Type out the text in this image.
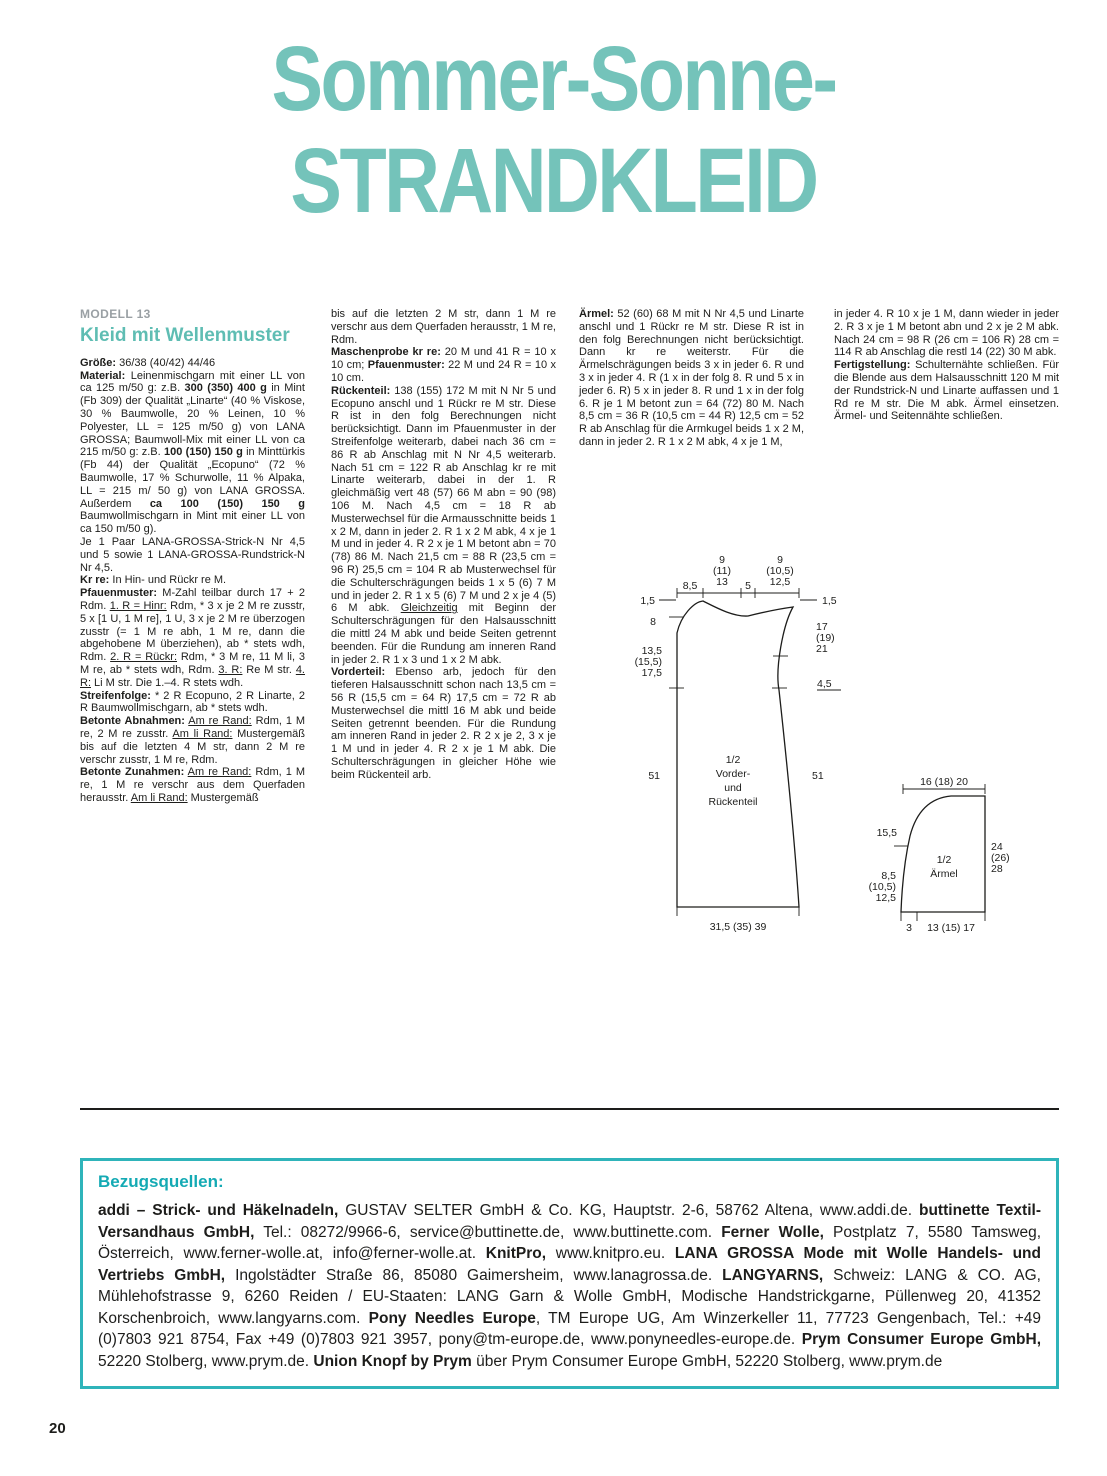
Sommer-Sonne-
STRANDKLEID
MODELL 13
Kleid mit Wellenmuster

Größe: 36/38 (40/42) 44/46

Material: Leinenmischgarn mit einer LL von ca 125 m/50 g: z.B. 300 (350) 400 g in Mint (Fb 309) der Qualität „Linarte“ (40 % Viskose, 30 % Baumwolle, 20 % Leinen, 10 % Polyester, LL = 125 m/50 g) von LANA GROSSA; Baumwoll-Mix mit einer LL von ca 215 m/50 g: z.B. 100 (150) 150 g in Minttürkis (Fb 44) der Qualität „Ecopuno“ (72 % Baumwolle, 17 % Schurwolle, 11 % Alpaka, LL = 215 m/ 50 g) von LANA GROSSA. Außerdem ca 100 (150) 150 g Baumwollmischgarn in Mint mit einer LL von ca 150 m/50 g).

Je 1 Paar LANA-GROSSA-Strick-N Nr 4,5 und 5 sowie 1 LANA-GROSSA-Rundstrick-N Nr 4,5.

Kr re: In Hin- und Rückr re M.

Pfauenmuster: M-Zahl teilbar durch 17 + 2 Rdm. 1. R = Hinr: Rdm, * 3 x je 2 M re zusstr, 5 x [1 U, 1 M re], 1 U, 3 x je 2 M re überzogen zusstr (= 1 M re abh, 1 M re, dann die abgehobene M überziehen), ab * stets wdh, Rdm. 2. R = Rückr: Rdm, * 3 M re, 11 M li, 3 M re, ab * stets wdh, Rdm. 3. R: Re M str. 4. R: Li M str. Die 1.–4. R stets wdh.

Streifenfolge: * 2 R Ecopuno, 2 R Linarte, 2 R Baumwollmischgarn, ab * stets wdh.

Betonte Abnahmen: Am re Rand: Rdm, 1 M re, 2 M re zusstr. Am li Rand: Mustergemäß bis auf die letzten 4 M str, dann 2 M re verschr zusstr, 1 M re, Rdm.

Betonte Zunahmen: Am re Rand: Rdm, 1 M re, 1 M re verschr aus dem Querfaden herausstr. Am li Rand: Mustergemäß

bis auf die letzten 2 M str, dann 1 M re verschr aus dem Querfaden herausstr, 1 M re, Rdm.

Maschenprobe kr re: 20 M und 41 R = 10 x 10 cm; Pfauenmuster: 22 M und 24 R = 10 x 10 cm.

Rückenteil: 138 (155) 172 M mit N Nr 5 und Ecopuno anschl und 1 Rückr re M str. Diese R ist in den folg Berechnungen nicht berücksichtigt. Dann im Pfauenmuster in der Streifenfolge weiterarb, dabei nach 36 cm = 86 R ab Anschlag mit N Nr 4,5 weiterarb. Nach 51 cm = 122 R ab Anschlag kr re mit Linarte weiterarb, dabei in der 1. R gleichmäßig vert 48 (57) 66 M abn = 90 (98) 106 M. Nach 4,5 cm = 18 R ab Musterwechsel für die Armausschnitte beids 1 x 2 M, dann in jeder 2. R 1 x 2 M abk, 4 x je 1 M und in jeder 4. R 2 x je 1 M betont abn = 70 (78) 86 M. Nach 21,5 cm = 88 R (23,5 cm = 96 R) 25,5 cm = 104 R ab Musterwechsel für die Schulterschrägungen beids 1 x 5 (6) 7 M und in jeder 2. R 1 x 5 (6) 7 M und 2 x je 4 (5) 6 M abk. Gleichzeitig mit Beginn der Schulterschrägungen für den Halsausschnitt die mittl 24 M abk und beide Seiten getrennt beenden. Für die Rundung am inneren Rand in jeder 2. R 1 x 3 und 1 x 2 M abk.

Vorderteil: Ebenso arb, jedoch für den tieferen Halsausschnitt schon nach 13,5 cm = 56 R (15,5 cm = 64 R) 17,5 cm = 72 R ab Musterwechsel die mittl 16 M abk und beide Seiten getrennt beenden. Für die Rundung am inneren Rand in jeder 2. R 2 x je 2, 3 x je 1 M und in jeder 4. R 2 x je 1 M abk. Die Schulterschrägungen in gleicher Höhe wie beim Rückenteil arb.

Ärmel: 52 (60) 68 M mit N Nr 4,5 und Linarte anschl und 1 Rückr re M str. Diese R ist in den folg Berechnungen nicht berücksichtigt. Dann kr re weiterstr. Für die Ärmelschrägungen beids 3 x in jeder 6. R und 3 x in jeder 4. R (1 x in der folg 8. R und 5 x in jeder 6. R) 5 x in jeder 8. R und 1 x in der folg 6. R je 1 M betont zun = 64 (72) 80 M. Nach 8,5 cm = 36 R (10,5 cm = 44 R) 12,5 cm = 52 R ab Anschlag für die Armkugel beids 1 x 2 M, dann in jeder 2. R 1 x 2 M abk, 4 x je 1 M,

in jeder 4. R 10 x je 1 M, dann wieder in jeder 2. R 3 x je 1 M betont abn und 2 x je 2 M abk. Nach 24 cm = 98 R (26 cm = 106 R) 28 cm = 114 R ab Anschlag die restl 14 (22) 30 M abk.

Fertigstellung: Schulternähte schließen. Für die Blende aus dem Halsausschnitt 120 M mit der Rundstrick-N und Linarte auffassen und 1 Rd re M str. Die M abk. Ärmel einsetzen. Ärmel- und Seitennähte schließen.

8,5
9
(11)
13 5
9
(10,5)
12,5
1,5	1,5
8
13,5
(15,5)
17,5
17
(19)
21
4,5
51	51
31,5 (35) 39
1/2
Vorder-
und
Rückenteil
16 (18) 20
15,5
8,5
(10,5)
12,5
24
(26)
28
3 13 (15) 17
1/2
Ärmel
Bezugsquellen:

addi – Strick- und Häkelnadeln, GUSTAV SELTER GmbH & Co. KG, Hauptstr. 2-6, 58762 Altena, www.addi.de. buttinette Textil-Versandhaus GmbH, Tel.: 08272/9966-6, service@buttinette.de, www.buttinette.com. Ferner Wolle, Postplatz 7, 5580 Tamsweg, Österreich, www.ferner-wolle.at, info@ferner-wolle.at. KnitPro, www.knitpro.eu. LANA GROSSA Mode mit Wolle Handels- und Vertriebs GmbH, Ingolstädter Straße 86, 85080 Gaimersheim, www.lanagrossa.de. LANGYARNS, Schweiz: LANG & CO. AG, Mühlehofstrasse 9, 6260 Reiden / EU-Staaten: LANG Garn & Wolle GmbH, Modische Handstrickgarne, Püllenweg 20, 41352 Korschenbroich, www.langyarns.com. Pony Needles Europe, TM Europe UG, Am Winzerkeller 11, 77723 Gengenbach, Tel.: +49 (0)7803 921 8754, Fax +49 (0)7803 921 3957, pony@tm-europe.de, www.ponyneedles-europe.de. Prym Consumer Europe GmbH, 52220 Stolberg, www.prym.de. Union Knopf by Prym über Prym Consumer Europe GmbH, 52220 Stolberg, www.prym.de

20
